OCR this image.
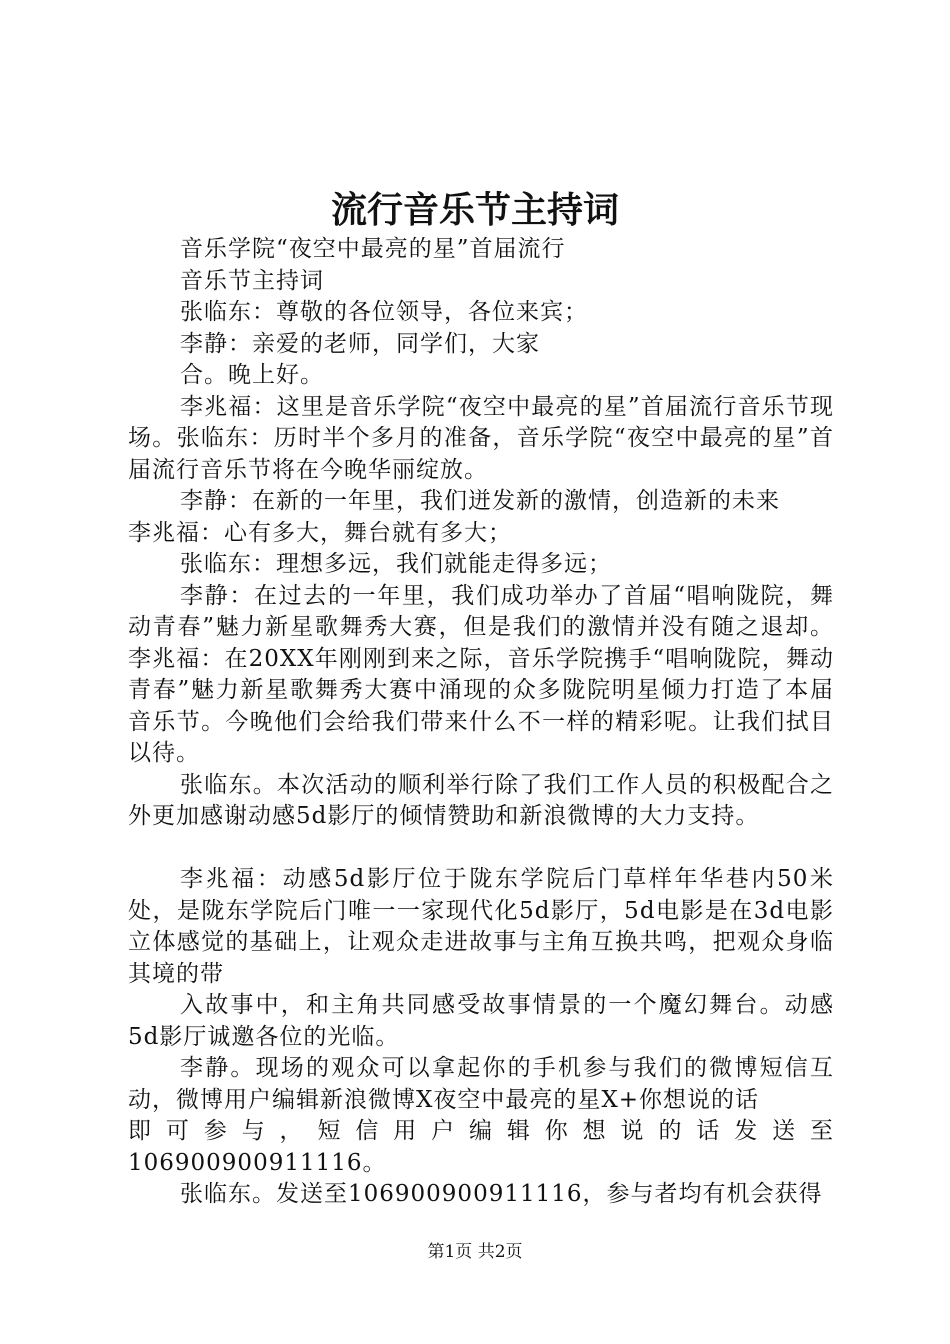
流行音乐节主持词

音乐学院“夜空中最亮的星”首届流行

音乐节主持词

张临东：尊敬的各位领导，各位来宾；

李静：亲爱的老师，同学们，大家

合。晚上好。

李兆福：这里是音乐学院“夜空中最亮的星”首届流行音乐节现场。张临东：历时半个多月的准备，音乐学院“夜空中最亮的星”首届流行音乐节将在今晚华丽绽放。

李静：在新的一年里，我们迸发新的激情，创造新的未来

李兆福：心有多大，舞台就有多大；

张临东：理想多远，我们就能走得多远；

李静：在过去的一年里，我们成功举办了首届“唱响陇院，舞动青春”魅力新星歌舞秀大赛，但是我们的激情并没有随之退却。李兆福：在20XX年刚刚到来之际，音乐学院携手“唱响陇院，舞动青春”魅力新星歌舞秀大赛中涌现的众多陇院明星倾力打造了本届音乐节。今晚他们会给我们带来什么不一样的精彩呢。让我们拭目以待。

张临东。本次活动的顺利举行除了我们工作人员的积极配合之外更加感谢动感5d影厅的倾情赞助和新浪微博的大力支持。

李兆福：动感5d影厅位于陇东学院后门草样年华巷内50米处，是陇东学院后门唯一一家现代化5d影厅，5d电影是在3d电影立体感觉的基础上，让观众走进故事与主角互换共鸣，把观众身临其境的带

入故事中，和主角共同感受故事情景的一个魔幻舞台。动感5d影厅诚邀各位的光临。

李静。现场的观众可以拿起你的手机参与我们的微博短信互动，微博用户编辑新浪微博X夜空中最亮的星X+你想说的话

即可参与，短信用户编辑你想说的话发送至

106900900911116。

张临东。发送至106900900911116，参与者均有机会获得

第1页 共2页
